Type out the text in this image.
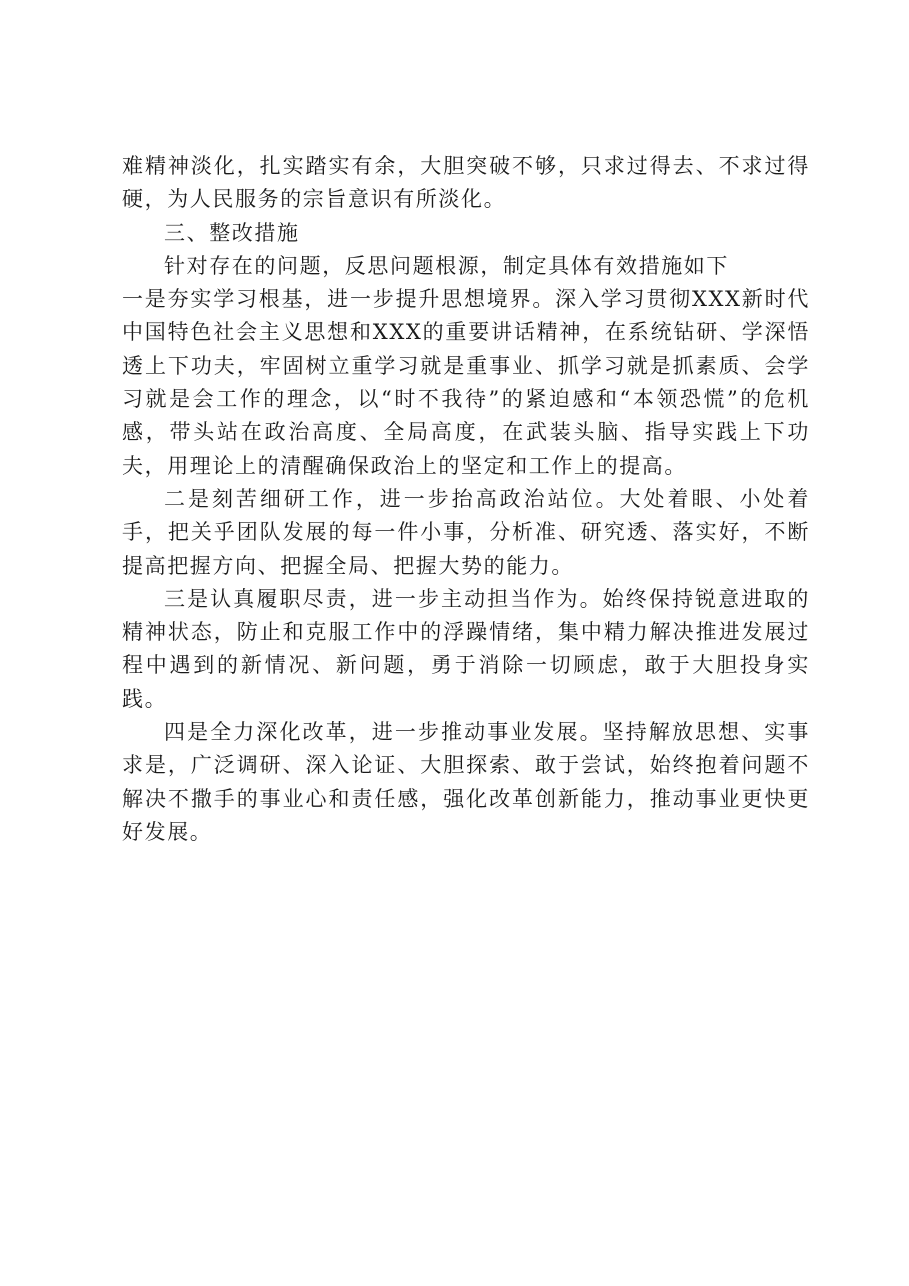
难精神淡化，扎实踏实有余，大胆突破不够，只求过得去、不求过得硬，为人民服务的宗旨意识有所淡化。

三、整改措施

针对存在的问题，反思问题根源，制定具体有效措施如下

一是夯实学习根基，进一步提升思想境界。深入学习贯彻XXX新时代中国特色社会主义思想和XXX的重要讲话精神，在系统钻研、学深悟透上下功夫，牢固树立重学习就是重事业、抓学习就是抓素质、会学习就是会工作的理念，以“时不我待”的紧迫感和“本领恐慌”的危机感，带头站在政治高度、全局高度，在武装头脑、指导实践上下功夫，用理论上的清醒确保政治上的坚定和工作上的提高。

二是刻苦细研工作，进一步抬高政治站位。大处着眼、小处着手，把关乎团队发展的每一件小事，分析准、研究透、落实好，不断提高把握方向、把握全局、把握大势的能力。

三是认真履职尽责，进一步主动担当作为。始终保持锐意进取的精神状态，防止和克服工作中的浮躁情绪，集中精力解决推进发展过程中遇到的新情况、新问题，勇于消除一切顾虑，敢于大胆投身实践。

四是全力深化改革，进一步推动事业发展。坚持解放思想、实事求是，广泛调研、深入论证、大胆探索、敢于尝试，始终抱着问题不解决不撒手的事业心和责任感，强化改革创新能力，推动事业更快更好发展。
